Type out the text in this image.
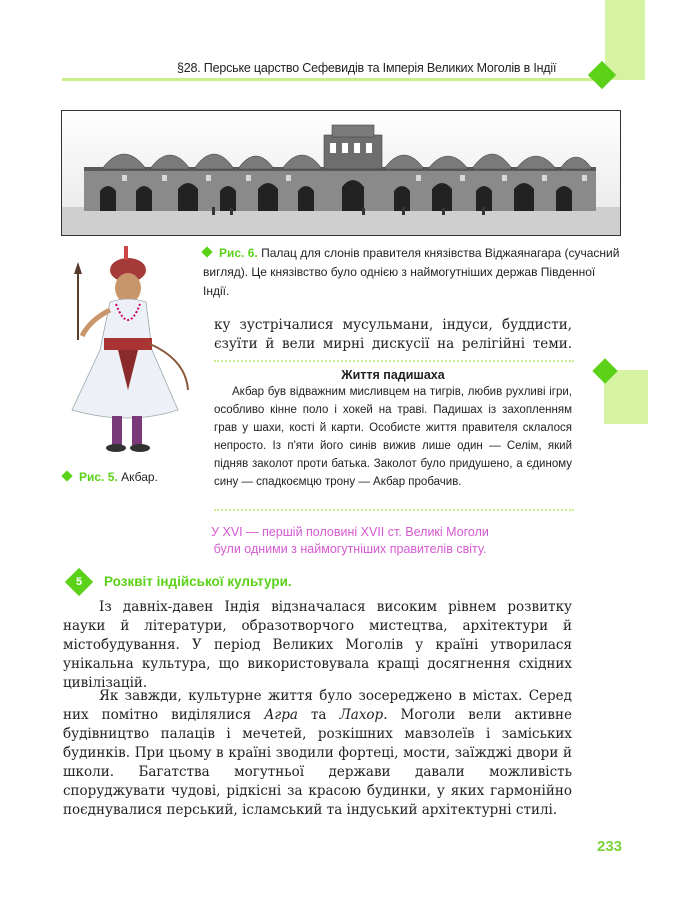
§28. Перське царство Сефевидів та Імперія Великих Моголів в Індії
Рис. 6. Палац для слонів правителя князівства Віджаянагара (сучасний вигляд). Це князівство було однією з наймогутніших держав Південної Індії.
Рис. 5. Акбар.
ку зустрічалися мусульмани, індуси, буддисти,
єзуїти й вели мирні дискусії на релігійні теми.
Життя падишаха

Акбар був відважним мисливцем на тигрів, любив рухливі ігри, особливо кінне поло і хокей на траві. Падишах із захопленням грав у шахи, кості й карти. Особисте життя правителя склалося непросто. Із п'яти його синів вижив лише один — Селім, який підняв заколот проти батька. Заколот було придушено, а єдиному сину — спадкоємцю трону — Акбар пробачив.

У XVI — першій половині XVII ст. Великі Моголи
були одними з наймогутніших правителів світу.
5	Розквіт індійської культури.

Із давніх-давен Індія відзначалася високим рівнем розвитку науки й літератури, образотворчого мистецтва, архітектури й містобудування. У період Великих Моголів у країні утворилася унікальна культура, що використовувала кращі досягнення східних цивілізацій.

Як завжди, культурне життя було зосереджено в містах. Серед них помітно виділялися Агра та Лахор. Моголи вели активне будівництво палаців і мечетей, розкішних мавзолеїв і заміських будинків. При цьому в країні зводили фортеці, мости, заїжджі двори й школи. Багатства могутньої держави давали можливість споруджувати чудові, рідкісні за красою будинки, у яких гармонійно поєднувалися перський, ісламський та індуський архітектурні стилі.

233
